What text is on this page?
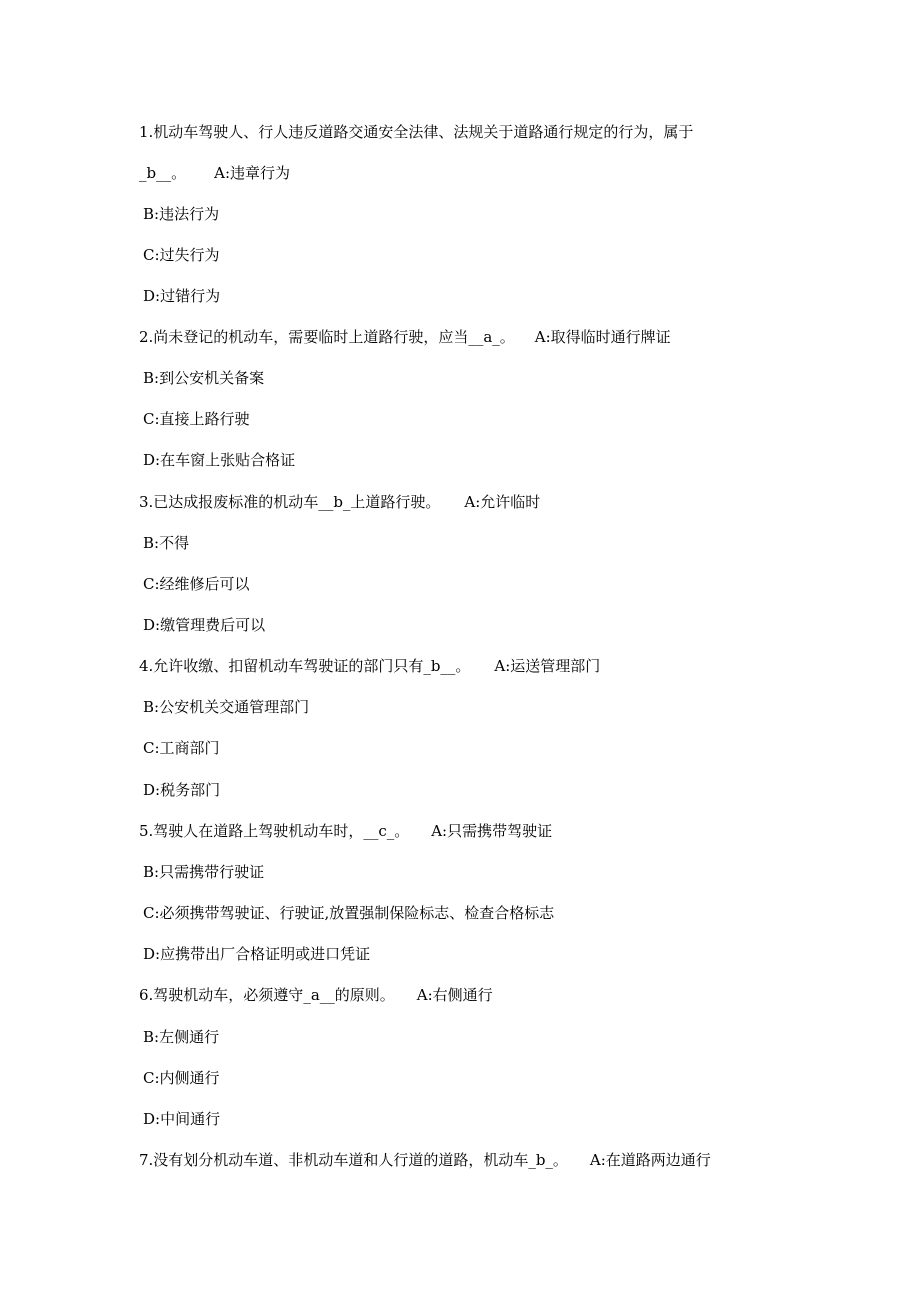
1.机动车驾驶人、行人违反道路交通安全法律、法规关于道路通行规定的行为，属于
_b__。 A:违章行为
B:违法行为
C:过失行为
D:过错行为
2.尚未登记的机动车，需要临时上道路行驶，应当__a_。 A:取得临时通行牌证
B:到公安机关备案
C:直接上路行驶
D:在车窗上张贴合格证
3.已达成报废标准的机动车__b_上道路行驶。 A:允许临时
B:不得
C:经维修后可以
D:缴管理费后可以
4.允许收缴、扣留机动车驾驶证的部门只有_b__。 A:运送管理部门
B:公安机关交通管理部门
C:工商部门
D:税务部门
5.驾驶人在道路上驾驶机动车时，__c_。 A:只需携带驾驶证
B:只需携带行驶证
C:必须携带驾驶证、行驶证,放置强制保险标志、检查合格标志
D:应携带出厂合格证明或进口凭证
6.驾驶机动车，必须遵守_a__的原则。 A:右侧通行
B:左侧通行
C:内侧通行
D:中间通行
7.没有划分机动车道、非机动车道和人行道的道路，机动车_b_。 A:在道路两边通行
